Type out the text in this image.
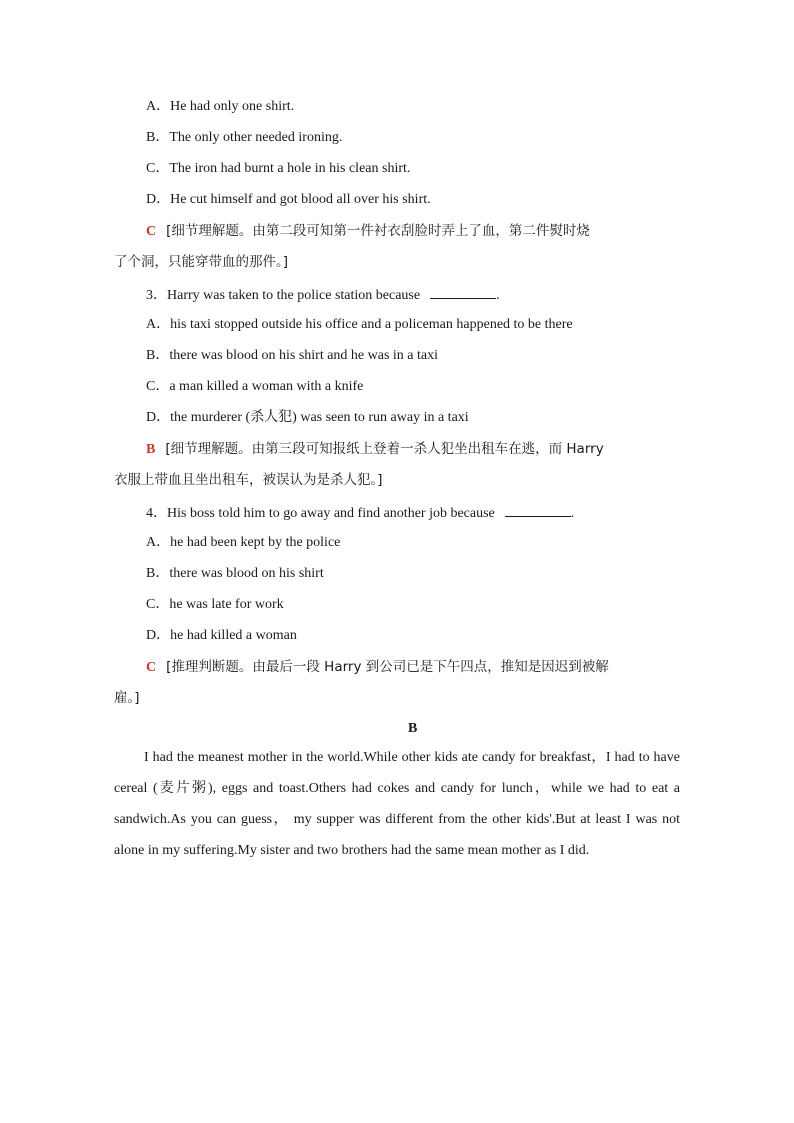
A．He had only one shirt.
B．The only other needed ironing.
C．The iron had burnt a hole in his clean shirt.
D．He cut himself and got blood all over his shirt.
C [细节理解题。由第二段可知第一件衬衣刮脸时弄上了血，第二件熨时烧
了个洞，只能穿带血的那件。]
3．Harry was taken to the police station because	.
A．his taxi stopped outside his office and a policeman happened to be there
B．there was blood on his shirt and he was in a taxi
C．a man killed a woman with a knife
D．the murderer (杀人犯) was seen to run away in a taxi
B [细节理解题。由第三段可知报纸上登着一杀人犯坐出租车在逃，而 Harry
衣服上带血且坐出租车，被误认为是杀人犯。]
4．His boss told him to go away and find another job because	.
A．he had been kept by the police
B．there was blood on his shirt
C．he was late for work
D．he had killed a woman
C [推理判断题。由最后一段 Harry 到公司已是下午四点，推知是因迟到被解
雇。]
B
I had the meanest mother in the world.While other kids ate candy for breakfast，I had to have cereal (麦片粥), eggs and toast.Others had cokes and candy for lunch，while we had to eat a sandwich.As you can guess， my supper was different from the other kids'.But at least I was not alone in my suffering.My sister and two brothers had the same mean mother as I did.
